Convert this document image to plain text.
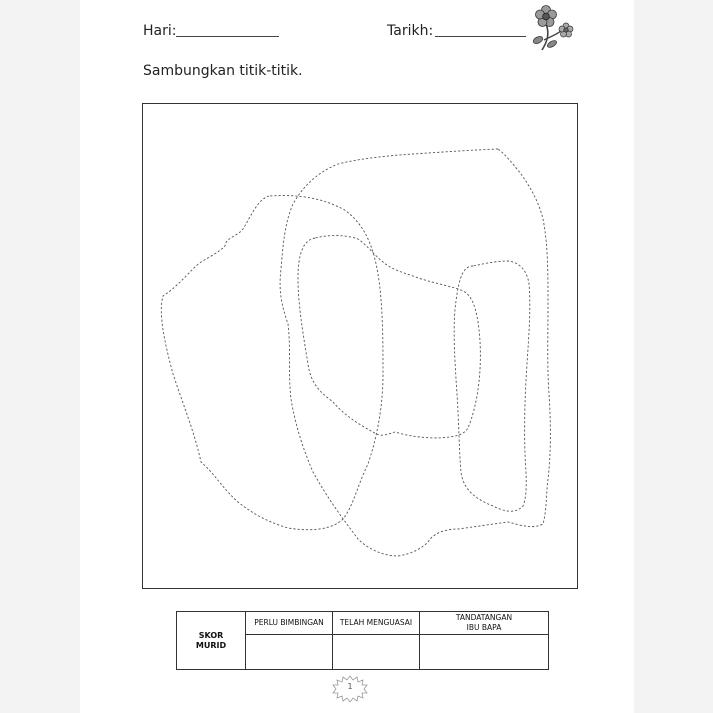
Hari:	Tarikh:
Sambungkan titik-titik.
SKOR
MURID	PERLU BIMBINGAN	TELAH MENGUASAI	TANDATANGAN
IBU BAPA

1
